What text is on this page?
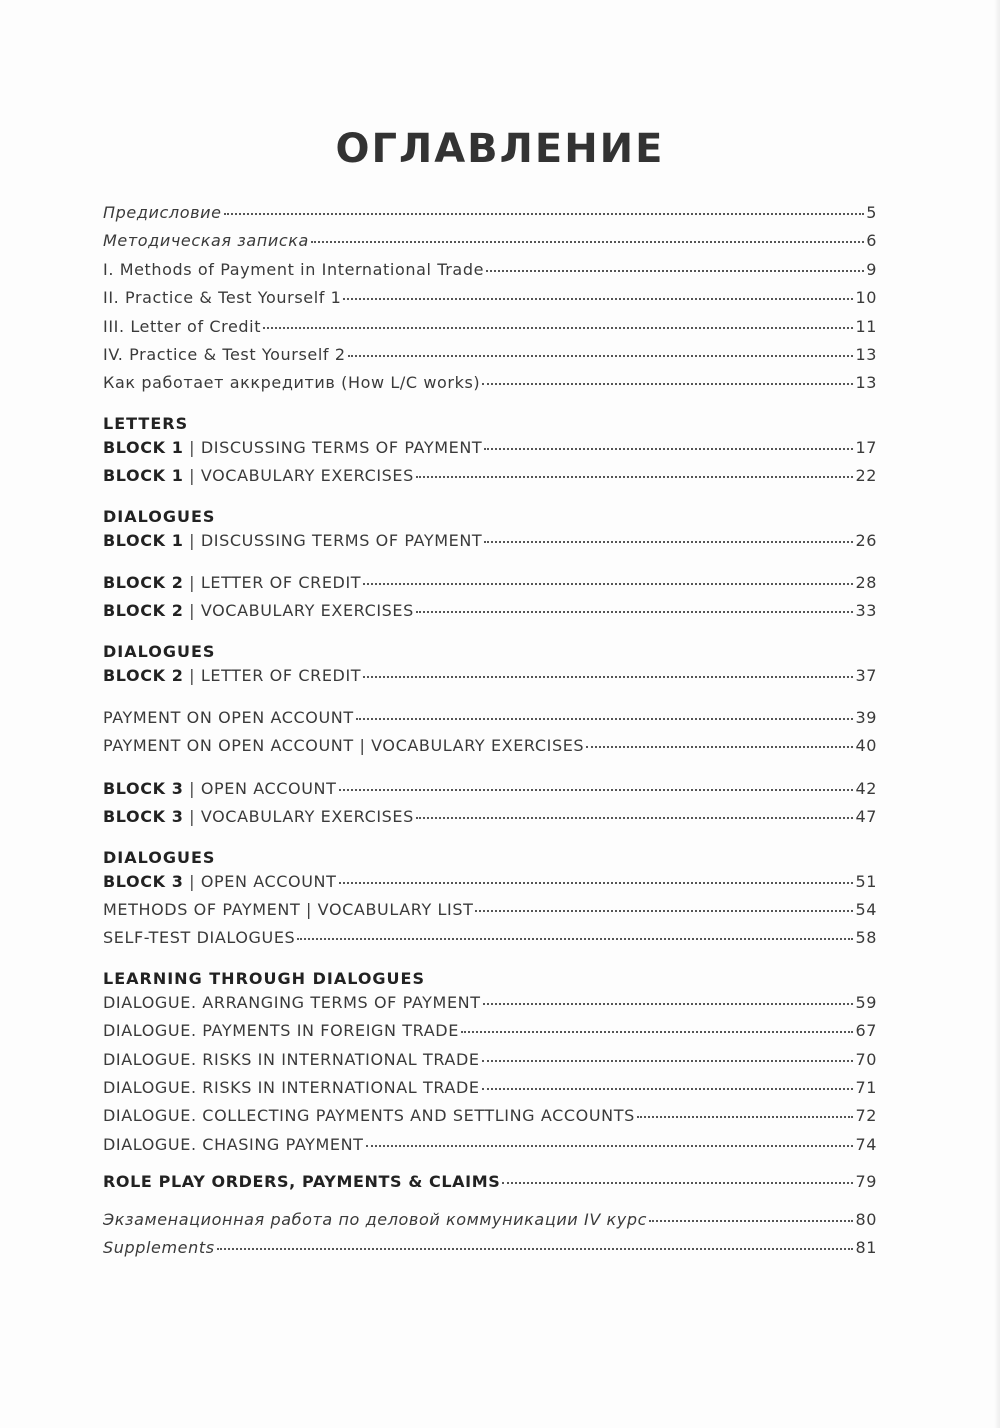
ОГЛАВЛЕНИЕ
Предисловие	5
Методическая записка	6
I. Methods of Payment in International Trade	9
II. Practice & Test Yourself 1	10
III. Letter of Credit	11
IV. Practice & Test Yourself 2	13
Как работает аккредитив (How L/C works)	13
LETTERS
BLOCK 1 | DISCUSSING TERMS OF PAYMENT	17
BLOCK 1 | VOCABULARY EXERCISES	22
DIALOGUES
BLOCK 1 | DISCUSSING TERMS OF PAYMENT	26
BLOCK 2 | LETTER OF CREDIT	28
BLOCK 2 | VOCABULARY EXERCISES	33
DIALOGUES
BLOCK 2 | LETTER OF CREDIT	37
PAYMENT ON OPEN ACCOUNT	39
PAYMENT ON OPEN ACCOUNT | VOCABULARY EXERCISES	40
BLOCK 3 | OPEN ACCOUNT	42
BLOCK 3 | VOCABULARY EXERCISES	47
DIALOGUES
BLOCK 3 | OPEN ACCOUNT	51
METHODS OF PAYMENT | VOCABULARY LIST	54
SELF-TEST DIALOGUES	58
LEARNING THROUGH DIALOGUES
DIALOGUE. ARRANGING TERMS OF PAYMENT	59
DIALOGUE. PAYMENTS IN FOREIGN TRADE	67
DIALOGUE. RISKS IN INTERNATIONAL TRADE	70
DIALOGUE. RISKS IN INTERNATIONAL TRADE	71
DIALOGUE. COLLECTING PAYMENTS AND SETTLING ACCOUNTS	72
DIALOGUE. CHASING PAYMENT	74
ROLE PLAY ORDERS, PAYMENTS & CLAIMS	79
Экзаменационная работа по деловой коммуникации IV курс	80
Supplements	81
